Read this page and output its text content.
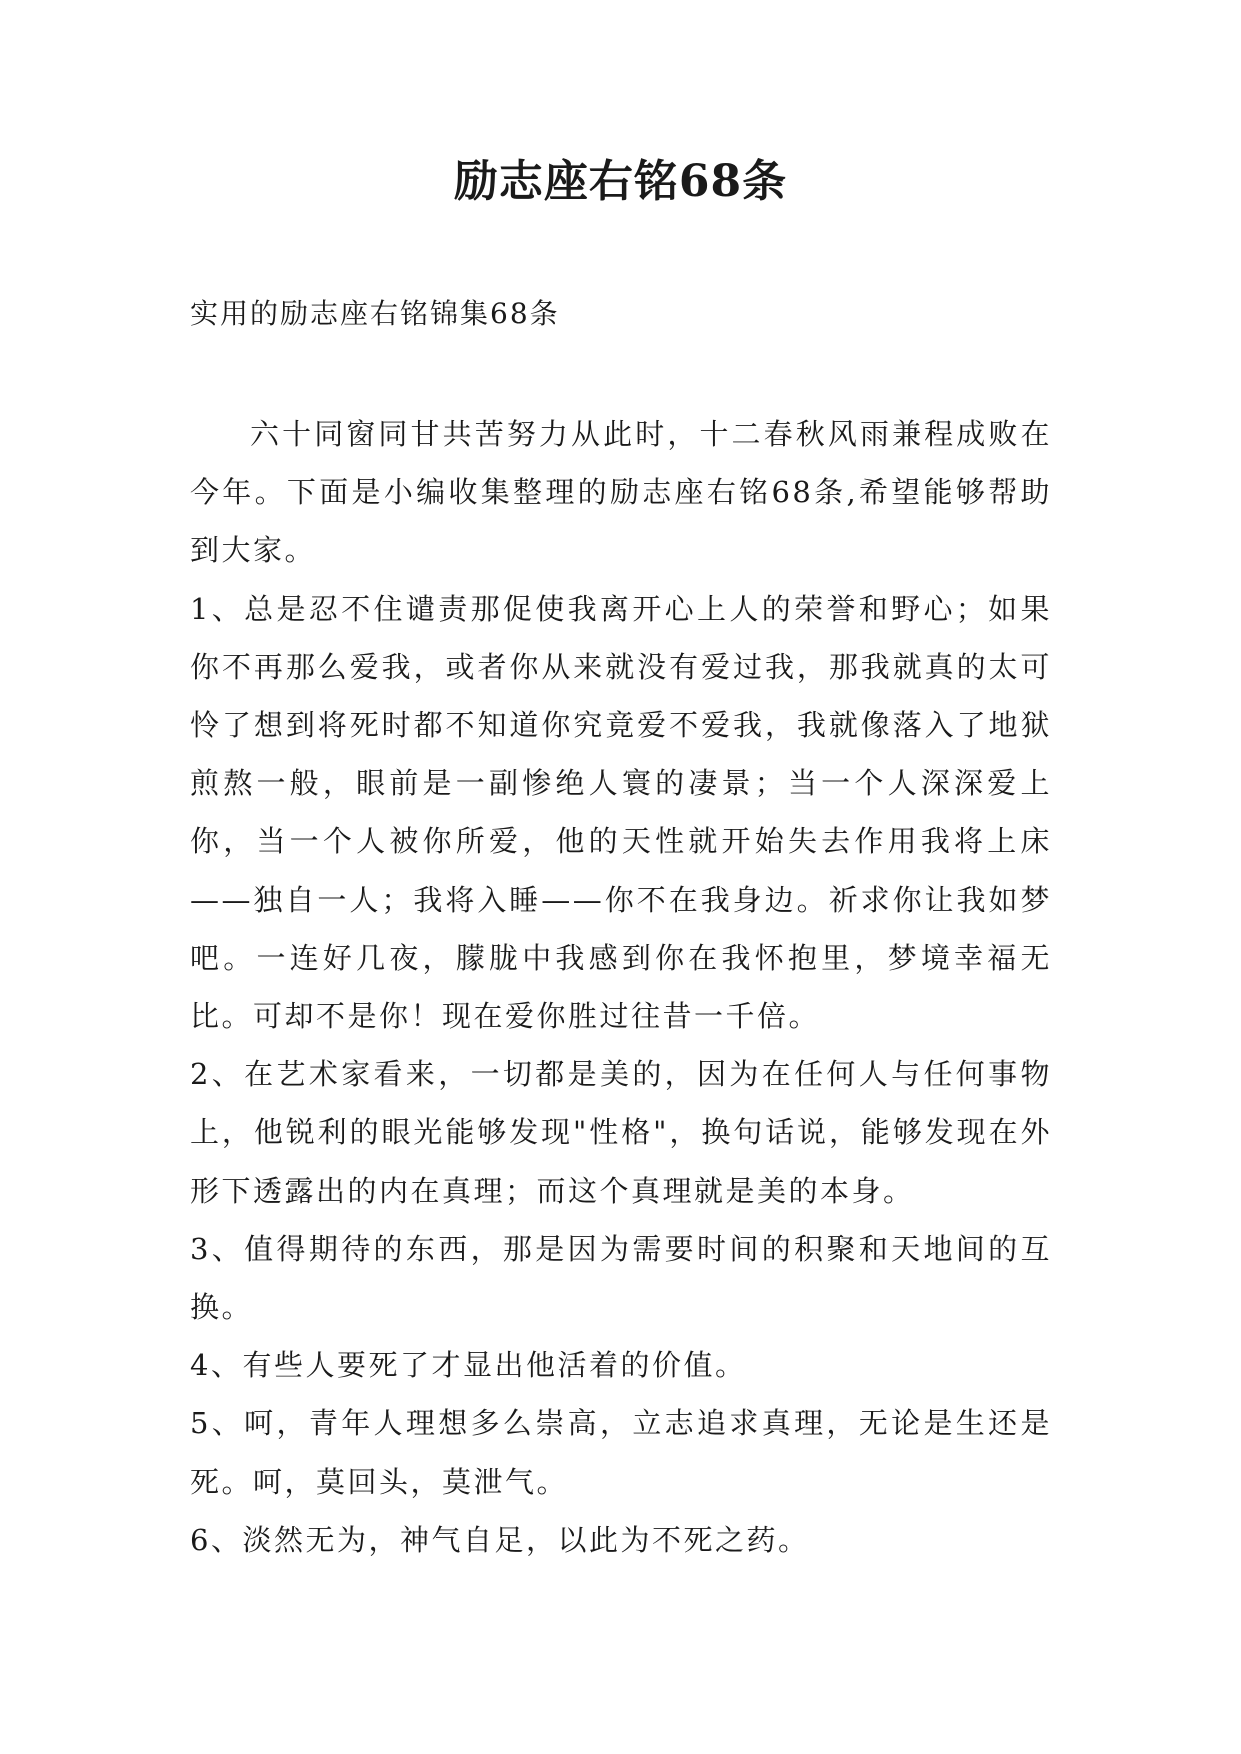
励志座右铭68条

实用的励志座右铭锦集68条

六十同窗同甘共苦努力从此时，十二春秋风雨兼程成败在今年。下面是小编收集整理的励志座右铭68条,希望能够帮助到大家。

1、总是忍不住谴责那促使我离开心上人的荣誉和野心；如果你不再那么爱我，或者你从来就没有爱过我，那我就真的太可怜了想到将死时都不知道你究竟爱不爱我，我就像落入了地狱煎熬一般，眼前是一副惨绝人寰的凄景；当一个人深深爱上你，当一个人被你所爱，他的天性就开始失去作用我将上床——独自一人；我将入睡——你不在我身边。祈求你让我如梦吧。一连好几夜，朦胧中我感到你在我怀抱里，梦境幸福无比。可却不是你！现在爱你胜过往昔一千倍。

2、在艺术家看来，一切都是美的，因为在任何人与任何事物上，他锐利的眼光能够发现"性格"，换句话说，能够发现在外形下透露出的内在真理；而这个真理就是美的本身。

3、值得期待的东西，那是因为需要时间的积聚和天地间的互换。

4、有些人要死了才显出他活着的价值。

5、呵，青年人理想多么崇高，立志追求真理，无论是生还是死。呵，莫回头，莫泄气。

6、淡然无为，神气自足，以此为不死之药。
